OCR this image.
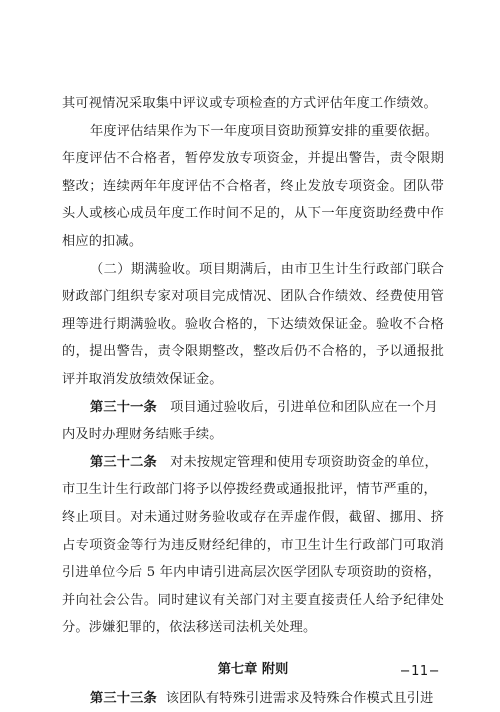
其可视情况采取集中评议或专项检查的方式评估年度工作绩效。
年度评估结果作为下一年度项目资助预算安排的重要依据。
年度评估不合格者，暂停发放专项资金，并提出警告，责令限期
整改；连续两年年度评估不合格者，终止发放专项资金。团队带
头人或核心成员年度工作时间不足的，从下一年度资助经费中作
相应的扣减。
（二）期满验收。项目期满后，由市卫生计生行政部门联合
财政部门组织专家对项目完成情况、团队合作绩效、经费使用管
理等进行期满验收。验收合格的，下达绩效保证金。验收不合格
的，提出警告，责令限期整改，整改后仍不合格的，予以通报批
评并取消发放绩效保证金。
第三十一条 项目通过验收后，引进单位和团队应在一个月
内及时办理财务结账手续。
第三十二条 对未按规定管理和使用专项资助资金的单位，
市卫生计生行政部门将予以停拨经费或通报批评，情节严重的，
终止项目。对未通过财务验收或存在弄虚作假，截留、挪用、挤
占专项资金等行为违反财经纪律的，市卫生计生行政部门可取消
引进单位今后 5 年内申请引进高层次医学团队专项资助的资格，
并向社会公告。同时建议有关部门对主要直接责任人给予纪律处
分。涉嫌犯罪的，依法移送司法机关处理。
第七章 附则
第三十三条 该团队有特殊引进需求及特殊合作模式且引进
−11−
